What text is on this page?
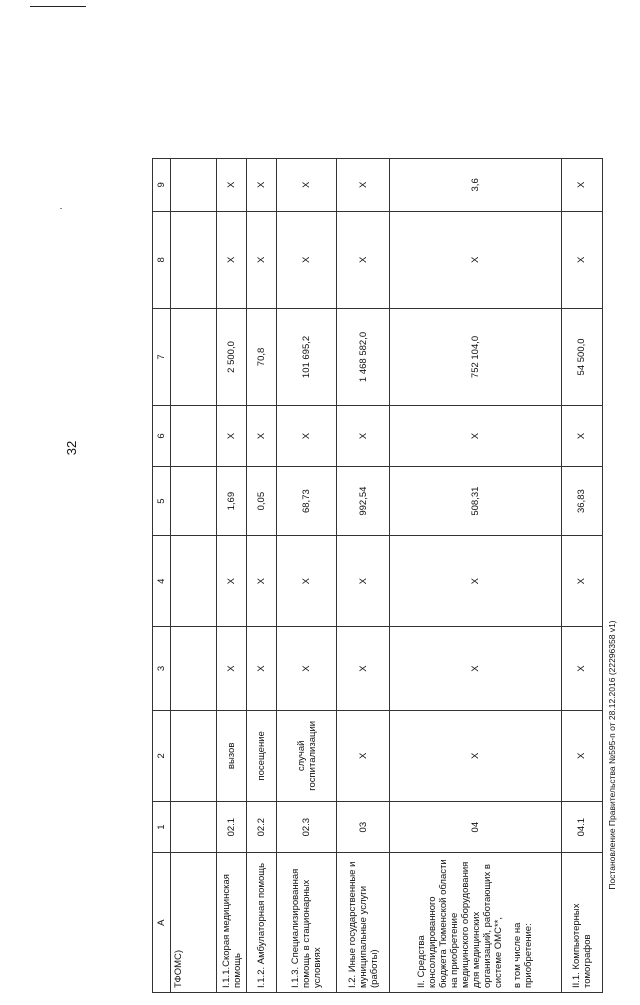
32
А	1	2	3	4	5	6	7	8	9
ТФОМС)									
I.1.1.Скорая медицинская помощь	02.1	вызов	Х	Х	1,69	Х	2 500,0	Х	Х
I.1.2. Амбулаторная помощь	02.2	посещение	Х	Х	0,05	Х	70,8	Х	Х
I.1.3. Специализированная помощь в стационарных условиях	02.3	случай госпитализации	Х	Х	68,73	Х	101 695,2	Х	Х
I.2. Иные государственные и муниципальные услуги (работы)	03	Х	Х	Х	992,54	Х	1 468 582,0	Х	Х

II. Средства консолидированного бюджета Тюменской области на приобретение медицинского оборудования для медицинских организаций, работающих в системе ОМС**, в том числе на приобретение:	04	Х	Х	Х	508,31	Х	752 104,0	Х	3,6
II.1. Компьютерных томографов	04.1	Х	Х	Х	36,83	Х	54 500,0	Х	Х
Постановление Правительства №595-п от 28.12.2016 (22296358 v1)
